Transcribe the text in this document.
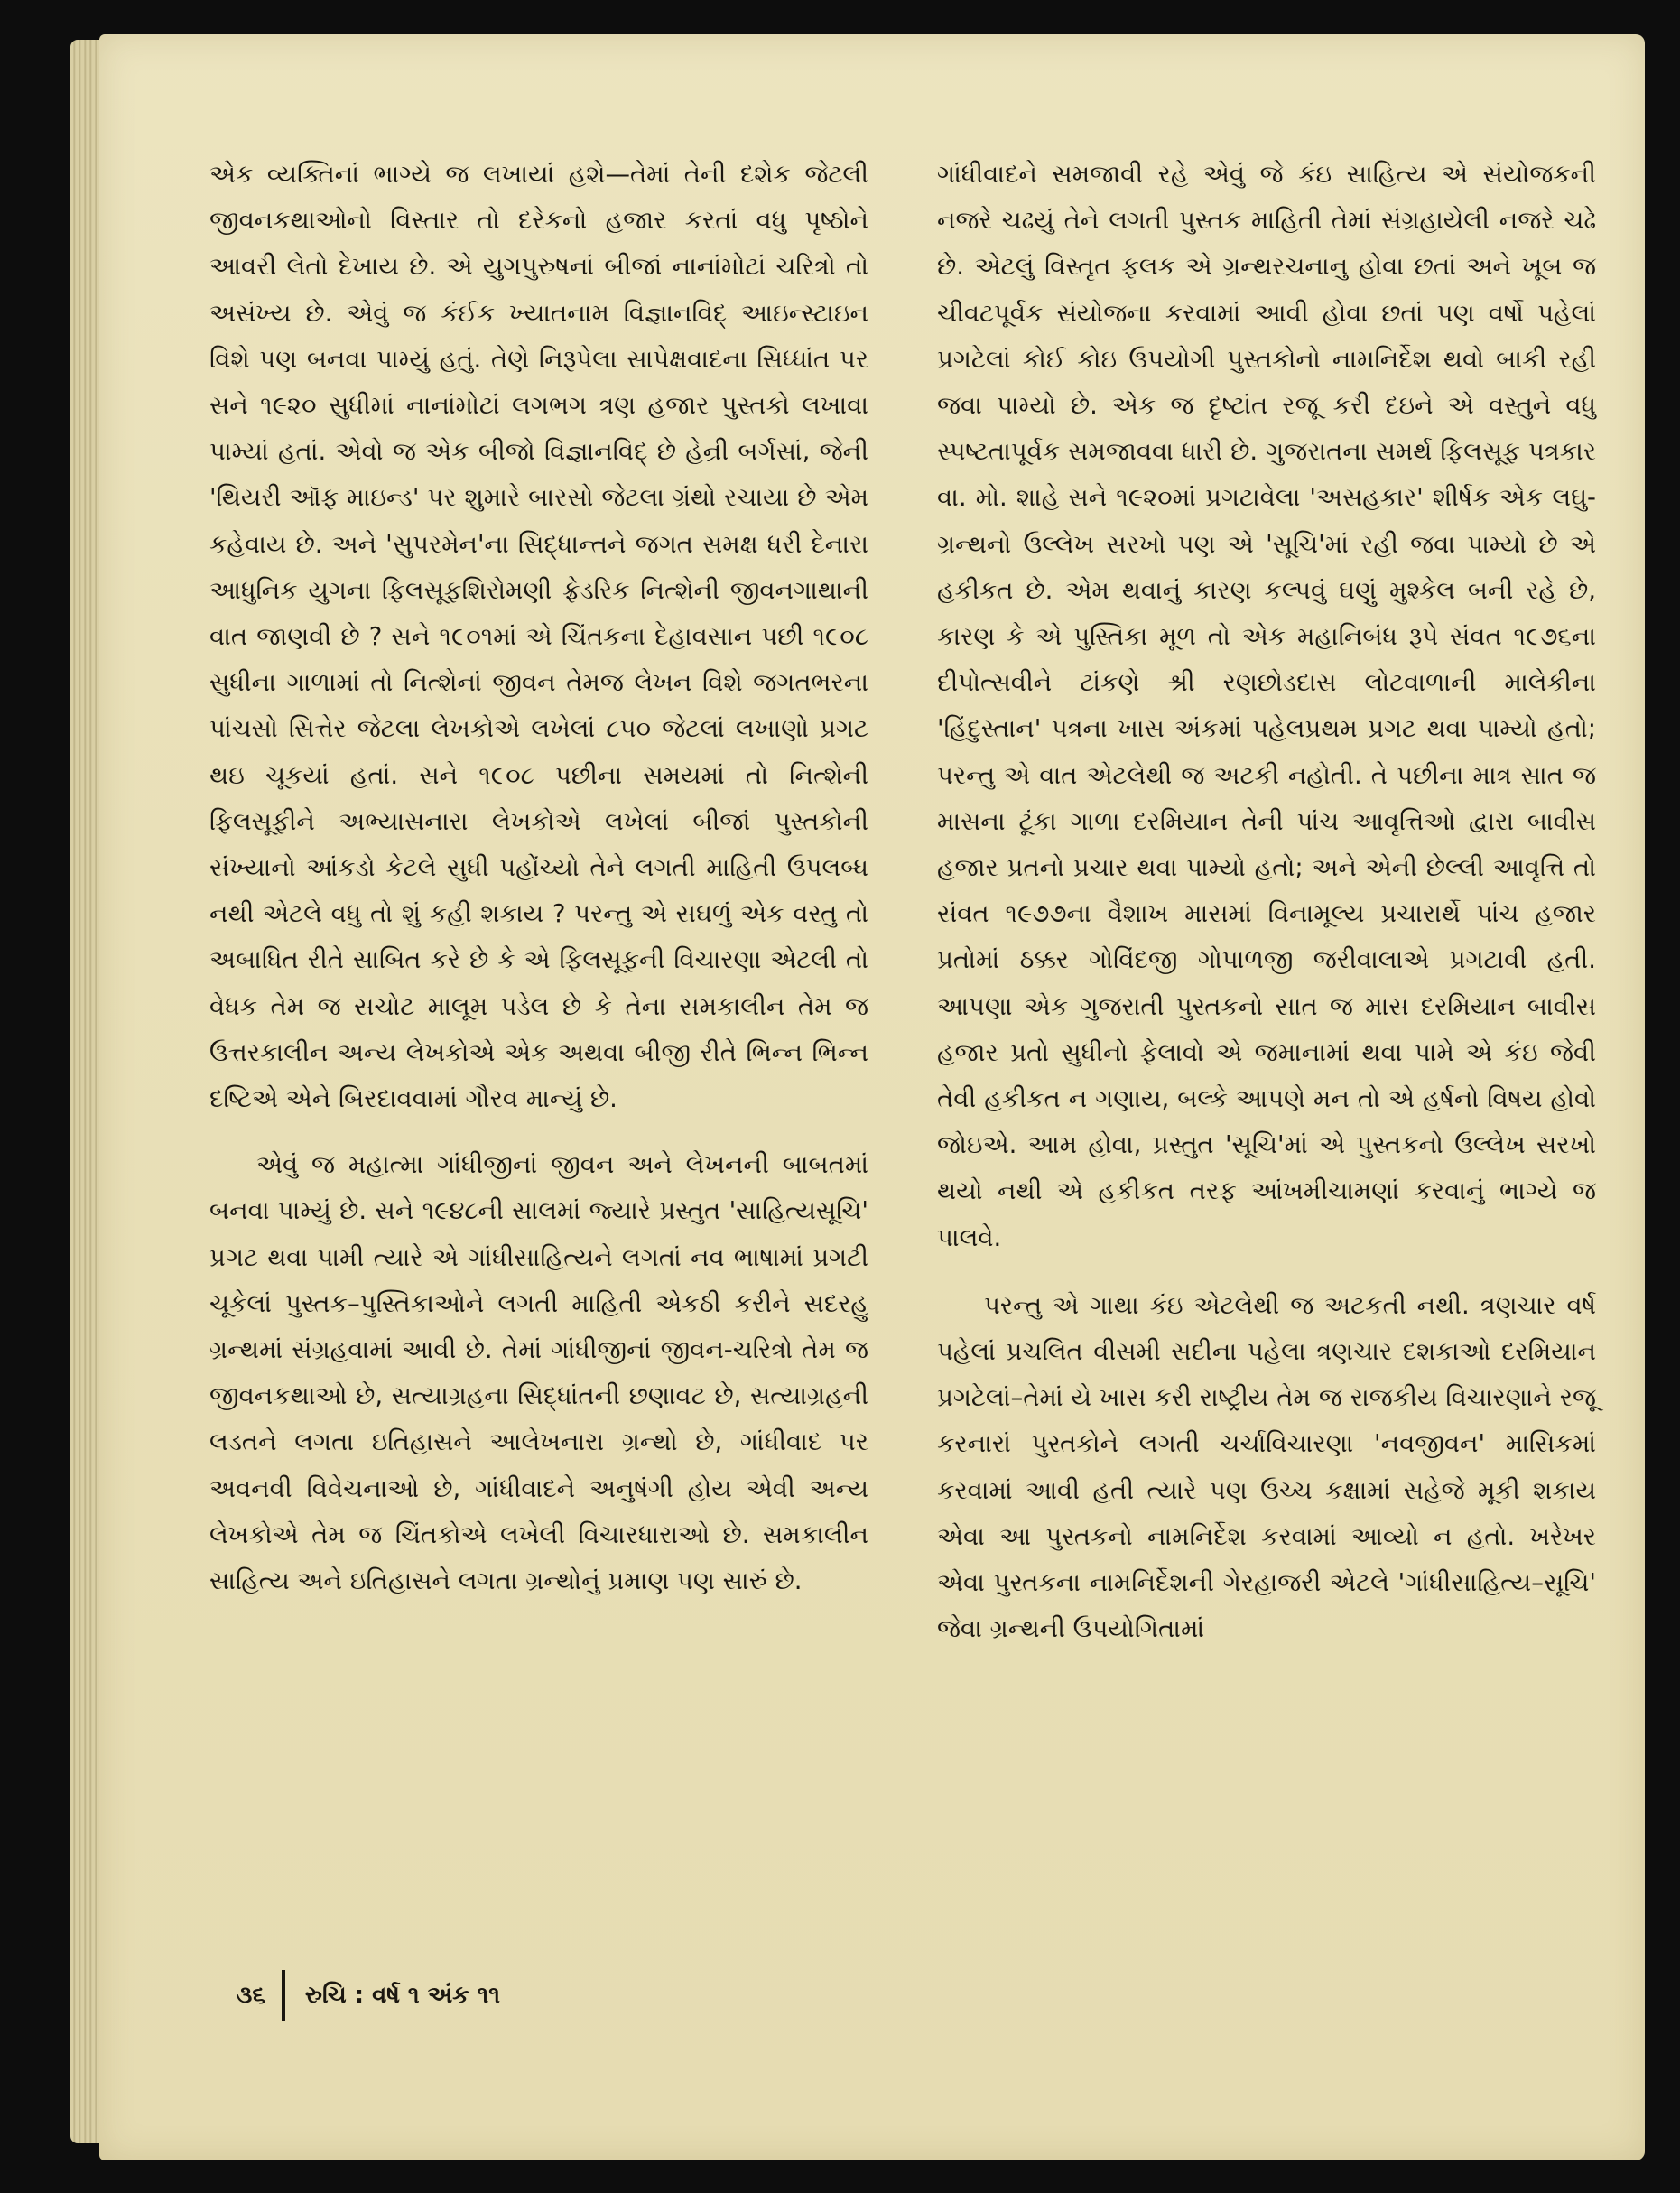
એક વ્યક્તિનાં ભાગ્યે જ લખાયાં હશે—તેમાં તેની દશેક જેટલી જીવનકથાઓનો વિસ્તાર તો દરેકનો હજાર કરતાં વધુ પૃષ્ઠોને આવરી લેતો દેખાય છે. એ યુગપુરુષનાં બીજાં નાનાંમોટાં ચરિત્રો તો અસંખ્ય છે. એવું જ કંઈક ખ્યાતનામ વિજ્ઞાનવિદ્ આઇન્સ્ટાઇન વિશે પણ બનવા પામ્યું હતું. તેણે નિરૂપેલા સાપેક્ષવાદના સિધ્ધાંત પર સને ૧૯૨૦ સુધીમાં નાનાંમોટાં લગભગ ત્રણ હજાર પુસ્તકો લખાવા પામ્યાં હતાં. એવો જ એક બીજો વિજ્ઞાનવિદ્ છે હેન્રી બર્ગસાં, જેની 'થિયરી ઑફ માઇન્ડ' પર શુમારે બારસો જેટલા ગ્રંથો રચાયા છે એમ કહેવાય છે. અને 'સુપરમેન'ના સિદ્ધાન્તને જગત સમક્ષ ધરી દેનારા આધુનિક યુગના ફિલસૂફશિરોમણી ફ્રેડરિક નિત્શેની જીવનગાથાની વાત જાણવી છે ? સને ૧૯૦૧માં એ ચિંતકના દેહાવસાન પછી ૧૯૦૮ સુધીના ગાળામાં તો નિત્શેનાં જીવન તેમજ લેખન વિશે જગતભરના પાંચસો સિત્તેર જેટલા લેખકોએ લખેલાં ૮૫૦ જેટલાં લખાણો પ્રગટ થઇ ચૂકયાં હતાં. સને ૧૯૦૮ પછીના સમયમાં તો નિત્શેની ફિલસૂફીને અભ્યાસનારા લેખકોએ લખેલાં બીજાં પુસ્તકોની સંખ્યાનો આંકડો કેટલે સુધી પહોંચ્યો તેને લગતી માહિતી ઉપલબ્ધ નથી એટલે વધુ તો શું કહી શકાય ? પરન્તુ એ સઘળું એક વસ્તુ તો અબાધિત રીતે સાબિત કરે છે કે એ ફિલસૂફની વિચારણા એટલી તો વેધક તેમ જ સચોટ માલૂમ પડેલ છે કે તેના સમકાલીન તેમ જ ઉત્તરકાલીન અન્ય લેખકોએ એક અથવા બીજી રીતે ભિન્ન ભિન્ન દષ્ટિએ એને બિરદાવવામાં ગૌરવ માન્યું છે.

એવું જ મહાત્મા ગાંધીજીનાં જીવન અને લેખનની બાબતમાં બનવા પામ્યું છે. સને ૧૯૪૮ની સાલમાં જ્યારે પ્રસ્તુત 'સાહિત્યસૂચિ' પ્રગટ થવા પામી ત્યારે એ ગાંધીસાહિત્યને લગતાં નવ ભાષામાં પ્રગટી ચૂકેલાં પુસ્તક–પુસ્તિકાઓને લગતી માહિતી એકઠી કરીને સદરહુ ગ્રન્થમાં સંગ્રહવામાં આવી છે. તેમાં ગાંધીજીનાં જીવન-ચરિત્રો તેમ જ જીવનકથાઓ છે, સત્યાગ્રહના સિદ્ધાંતની છણાવટ છે, સત્યાગ્રહની લડતને લગતા ઇતિહાસને આલેખનારા ગ્રન્થો છે, ગાંધીવાદ પર અવનવી વિવેચનાઓ છે, ગાંધીવાદને અનુષંગી હોય એવી અન્ય લેખકોએ તેમ જ ચિંતકોએ લખેલી વિચારધારાઓ છે. સમકાલીન સાહિત્ય અને ઇતિહાસને લગતા ગ્રન્થોનું પ્રમાણ પણ સારું છે.

ગાંધીવાદને સમજાવી રહે એવું જે કંઇ સાહિત્ય એ સંયોજકની નજરે ચઢયું તેને લગતી પુસ્તક માહિતી તેમાં સંગ્રહાયેલી નજરે ચઢે છે. એટલું વિસ્તૃત ફલક એ ગ્રન્થરચનાનુ હોવા છતાં અને ખૂબ જ ચીવટપૂર્વક સંયોજના કરવામાં આવી હોવા છતાં પણ વર્ષો પહેલાં પ્રગટેલાં કોઈ કોઇ ઉપયોગી પુસ્તકોનો નામનિર્દેશ થવો બાકી રહી જવા પામ્યો છે. એક જ દૃષ્ટાંત રજૂ કરી દઇને એ વસ્તુને વધુ સ્પષ્ટતાપૂર્વક સમજાવવા ધારી છે. ગુજરાતના સમર્થ ફિલસૂફ પત્રકાર વા. મો. શાહે સને ૧૯૨૦માં પ્રગટાવેલા 'અસહકાર' શીર્ષક એક લઘુ-ગ્રન્થનો ઉલ્લેખ સરખો પણ એ 'સૂચિ'માં રહી જવા પામ્યો છે એ હકીકત છે. એમ થવાનું કારણ કલ્પવું ઘણું મુશ્કેલ બની રહે છે, કારણ કે એ પુસ્તિકા મૂળ તો એક મહાનિબંધ રૂપે સંવત ૧૯૭૬ના દીપોત્સવીને ટાંકણે શ્રી રણછોડદાસ લોટવાળાની માલેકીના 'હિંદુસ્તાન' પત્રના ખાસ અંકમાં પહેલપ્રથમ પ્રગટ થવા પામ્યો હતો; પરન્તુ એ વાત એટલેથી જ અટકી નહોતી. તે પછીના માત્ર સાત જ માસના ટૂંકા ગાળા દરમિયાન તેની પાંચ આવૃત્તિઓ દ્વારા બાવીસ હજાર પ્રતનો પ્રચાર થવા પામ્યો હતો; અને એની છેલ્લી આવૃત્તિ તો સંવત ૧૯૭૭ના વૈશાખ માસમાં વિનામૂલ્ય પ્રચારાર્થે પાંચ હજાર પ્રતોમાં ઠક્કર ગોવિંદજી ગોપાળજી જરીવાલાએ પ્રગટાવી હતી. આપણા એક ગુજરાતી પુસ્તકનો સાત જ માસ દરમિયાન બાવીસ હજાર પ્રતો સુધીનો ફેલાવો એ જમાનામાં થવા પામે એ કંઇ જેવી તેવી હકીકત ન ગણાય, બલ્કે આપણે મન તો એ હર્ષનો વિષય હોવો જોઇએ. આમ હોવા, પ્રસ્તુત 'સૂચિ'માં એ પુસ્તકનો ઉલ્લેખ સરખો થયો નથી એ હકીકત તરફ આંખમીચામણાં કરવાનું ભાગ્યે જ પાલવે.

પરન્તુ એ ગાથા કંઇ એટલેથી જ અટકતી નથી. ત્રણચાર વર્ષ પહેલાં પ્રચલિત વીસમી સદીના પહેલા ત્રણચાર દશકાઓ દરમિયાન પ્રગટેલાં–તેમાં યે ખાસ કરી રાષ્ટ્રીય તેમ જ રાજકીય વિચારણાને રજૂ કરનારાં પુસ્તકોને લગતી ચર્ચાવિચારણા 'નવજીવન' માસિકમાં કરવામાં આવી હતી ત્યારે પણ ઉચ્ચ કક્ષામાં સહેજે મૂકી શકાય એવા આ પુસ્તકનો નામનિર્દેશ કરવામાં આવ્યો ન હતો. ખરેખર એવા પુસ્તકના નામનિર્દેશની ગેરહાજરી એટલે 'ગાંધીસાહિત્ય–સૂચિ' જેવા ગ્રન્થની ઉપયોગિતામાં

૩૬ રુચિ : વર્ષ ૧ અંક ૧૧
